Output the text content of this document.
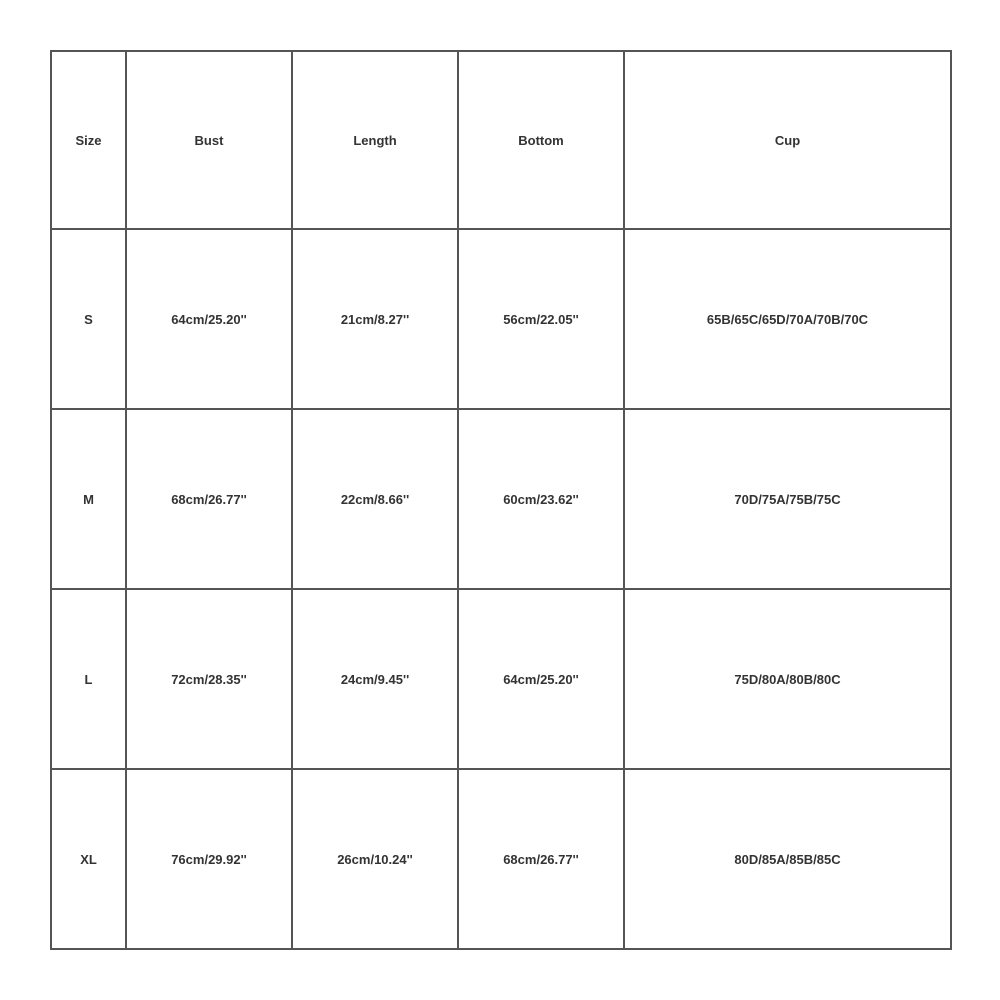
Size	Bust	Length	Bottom	Cup
S	64cm/25.20''	21cm/8.27''	56cm/22.05''	65B/65C/65D/70A/70B/70C
M	68cm/26.77''	22cm/8.66''	60cm/23.62''	70D/75A/75B/75C
L	72cm/28.35''	24cm/9.45''	64cm/25.20''	75D/80A/80B/80C
XL	76cm/29.92''	26cm/10.24''	68cm/26.77''	80D/85A/85B/85C
